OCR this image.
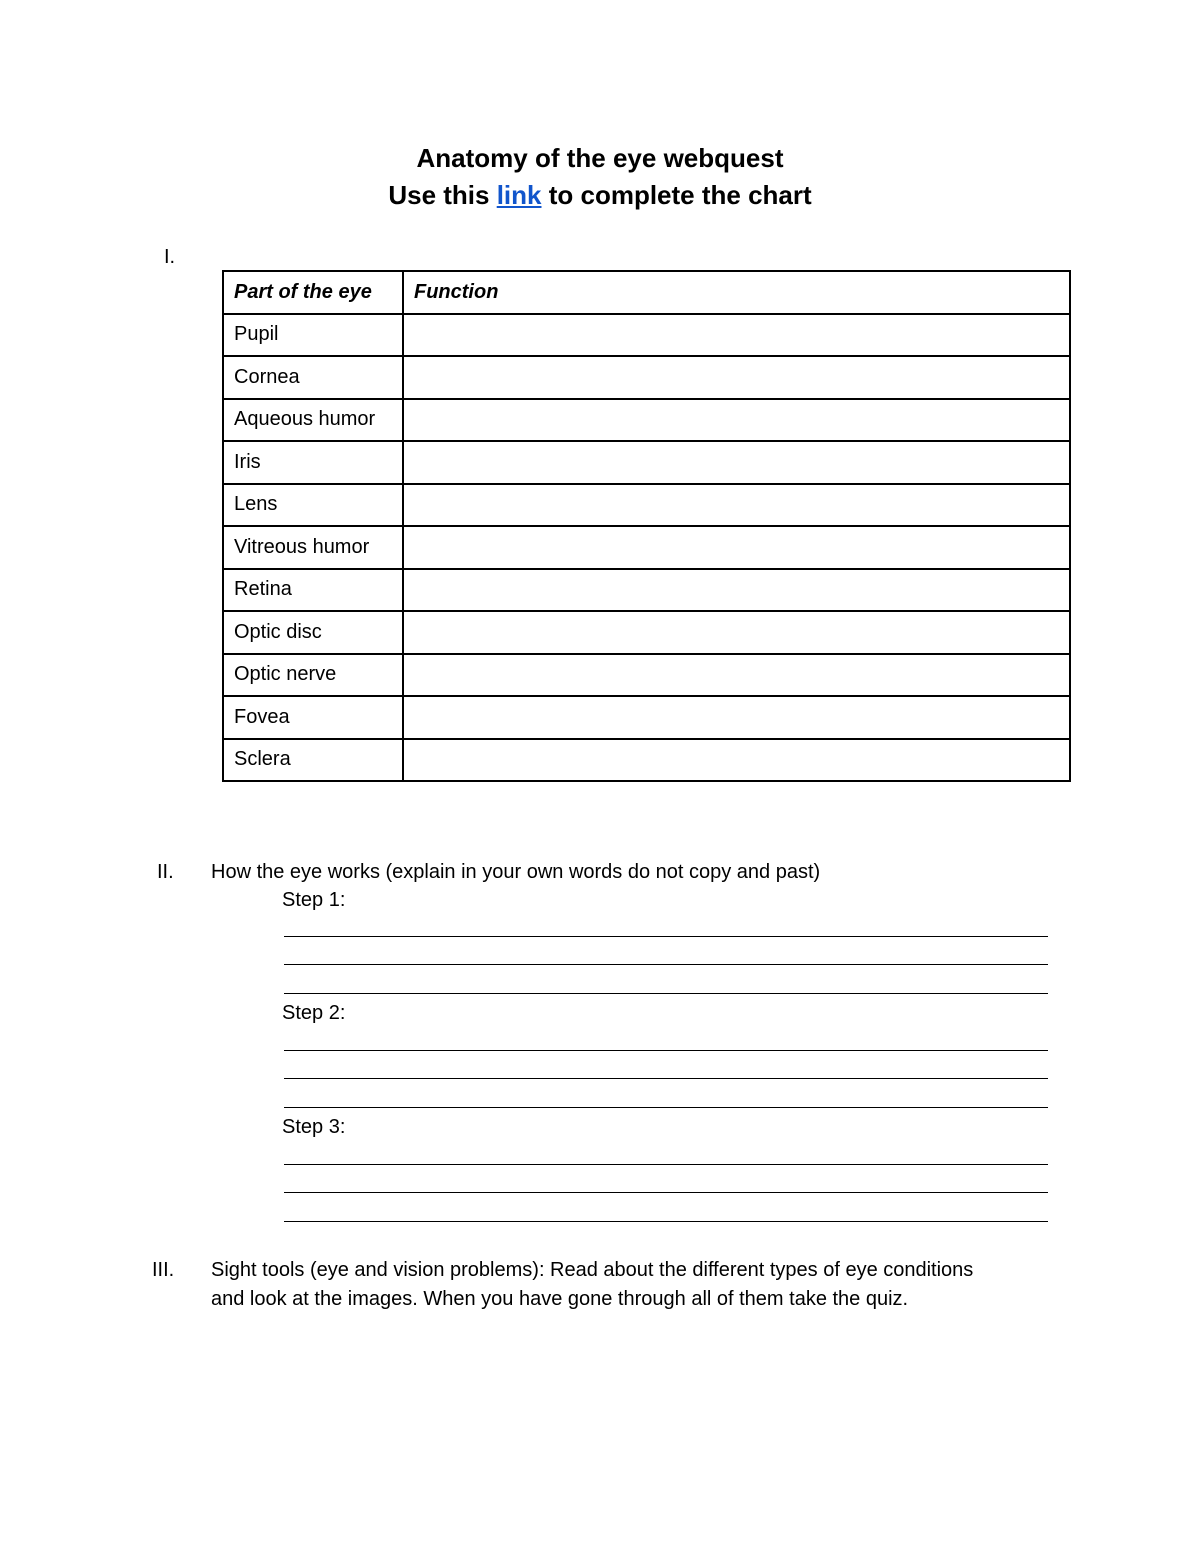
Anatomy of the eye webquest
Use this link to complete the chart
I.
Part of the eye	Function
Pupil	
Cornea	
Aqueous humor	
Iris	
Lens	
Vitreous humor	
Retina	
Optic disc	
Optic nerve	
Fovea	
Sclera	
II. How the eye works (explain in your own words do not copy and past)
Step 1:
Step 2:
Step 3:
III. Sight tools (eye and vision problems): Read about the different types of eye conditions
and look at the images. When you have gone through all of them take the quiz.
